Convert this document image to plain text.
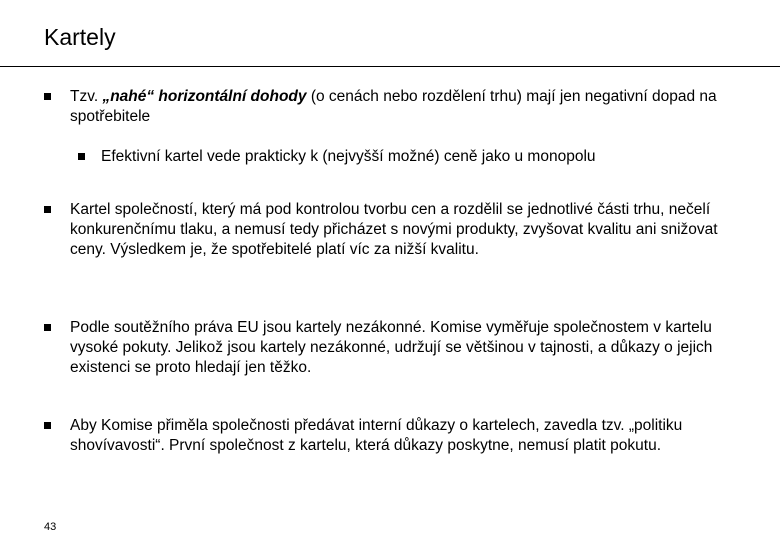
Kartely
Tzv. „nahé“ horizontální dohody (o cenách nebo rozdělení trhu) mají jen negativní dopad na spotřebitele
Efektivní kartel vede prakticky k (nejvyšší možné) ceně jako u monopolu
Kartel společností, který má pod kontrolou tvorbu cen a rozdělil se jednotlivé části trhu, nečelí konkurenčnímu tlaku, a nemusí tedy přicházet s novými produkty, zvyšovat kvalitu ani snižovat ceny. Výsledkem je, že spotřebitelé platí víc za nižší kvalitu.
Podle soutěžního práva EU jsou kartely nezákonné. Komise vyměřuje společnostem v kartelu vysoké pokuty. Jelikož jsou kartely nezákonné, udržují se většinou v tajnosti, a důkazy o jejich existenci se proto hledají jen těžko.
Aby Komise přiměla společnosti předávat interní důkazy o kartelech, zavedla tzv. „politiku shovívavosti“. První společnost z kartelu, která důkazy poskytne, nemusí platit pokutu.
43
